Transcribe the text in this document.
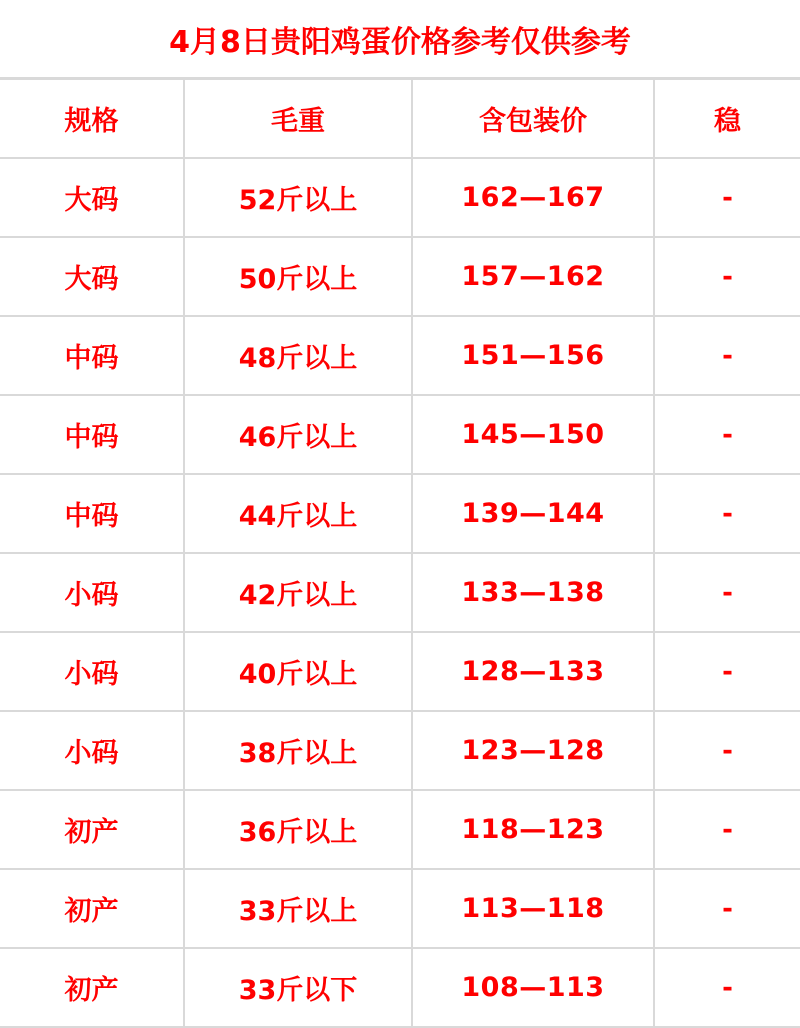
4月8日贵阳鸡蛋价格参考仅供参考
规格	毛重	含包装价	稳
大码	52斤以上	162—167	-
大码	50斤以上	157—162	-
中码	48斤以上	151—156	-
中码	46斤以上	145—150	-
中码	44斤以上	139—144	-
小码	42斤以上	133—138	-
小码	40斤以上	128—133	-
小码	38斤以上	123—128	-
初产	36斤以上	118—123	-
初产	33斤以上	113—118	-
初产	33斤以下	108—113	-
